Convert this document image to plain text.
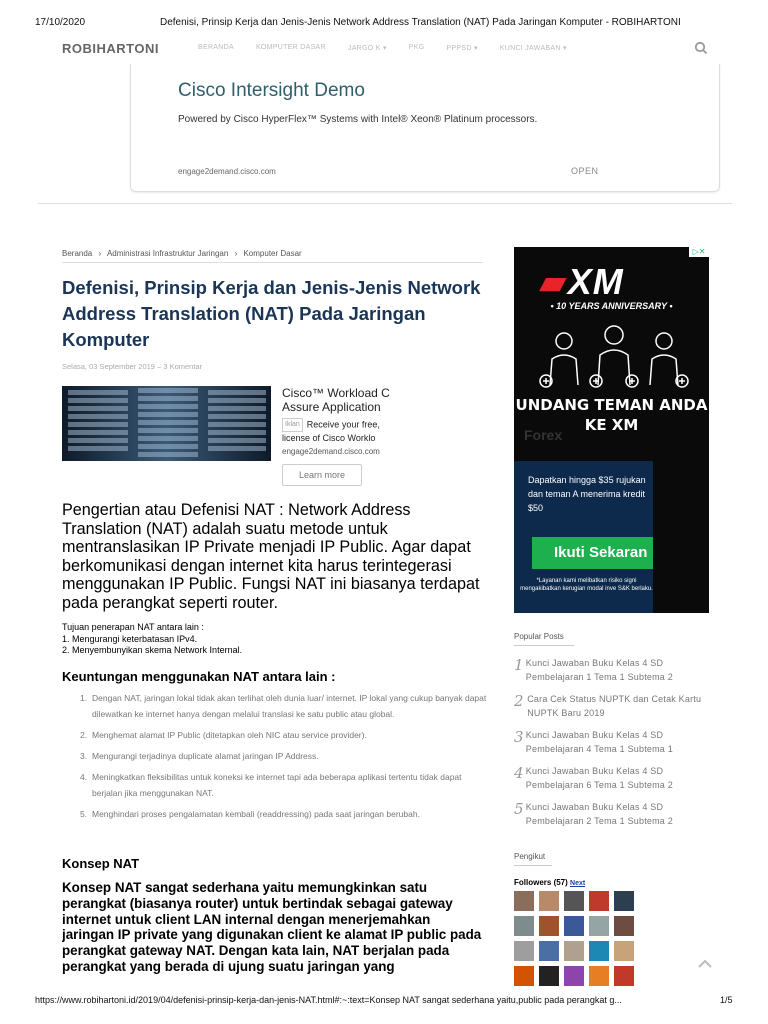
17/10/2020	Defenisi, Prinsip Kerja dan Jenis-Jenis Network Address Translation (NAT) Pada Jaringan Komputer - ROBIHARTONI
ROBIHARTONI	BERANDA	KOMPUTER DASAR	JARGO K ▾	PKG	PPPSD ▾	KUNCI JAWABAN ▾
Cisco Intersight Demo
Powered by Cisco HyperFlex™ Systems with Intel® Xeon® Platinum processors.
engage2demand.cisco.com	OPEN
Beranda › Administrasi Infrastruktur Jaringan › Komputer Dasar
Defenisi, Prinsip Kerja dan Jenis-Jenis Network Address Translation (NAT) Pada Jaringan Komputer
Selasa, 03 September 2019 – 3 Komentar
Cisco™ Workload C Assure Application
Iklan Receive your free, license of Cisco Worklo
engage2demand.cisco.com
Learn more

Pengertian atau Defenisi NAT : Network Address Translation (NAT) adalah suatu metode untuk mentranslasikan IP Private menjadi IP Public. Agar dapat berkomunikasi dengan internet kita harus terintegerasi menggunakan IP Public. Fungsi NAT ini biasanya terdapat pada perangkat seperti router.

Tujuan penerapan NAT antara lain :
1. Mengurangi keterbatasan IPv4.
2. Menyembunyikan skema Network Internal.
Keuntungan menggunakan NAT antara lain :
1. Dengan NAT, jaringan lokal tidak akan terlihat oleh dunia luar/ internet. IP lokal yang cukup banyak dapat dilewatkan ke internet hanya dengan melalui translasi ke satu public atau global.
2. Menghemat alamat IP Public (ditetapkan oleh NIC atau service provider).
3. Mengurangi terjadinya duplicate alamat jaringan IP Address.
4. Meningkatkan fleksibilitas untuk koneksi ke internet tapi ada beberapa aplikasi tertentu tidak dapat berjalan jika menggunakan NAT.
5. Menghindari proses pengalamatan kembali (readdressing) pada saat jaringan berubah.
Konsep NAT

Konsep NAT sangat sederhana yaitu memungkinkan satu perangkat (biasanya router) untuk bertindak sebagai gateway internet untuk client LAN internal dengan menerjemahkan jaringan IP private yang digunakan client ke alamat IP public pada perangkat gateway NAT. Dengan kata lain, NAT berjalan pada perangkat yang berada di ujung suatu jaringan yang

▷✕
▰XM
• 10 YEARS ANNIVERSARY •
Forex
UNDANG TEMAN ANDA
KE XM
Dapatkan hingga $35 rujukan dan teman A menerima kredit $50
Ikuti Sekaran
*Layanan kami melibatkan risiko signi mengakibatkan kerugian modal inve S&K berlaku.
Popular Posts
1 Kunci Jawaban Buku Kelas 4 SD Pembelajaran 1 Tema 1 Subtema 2
2 Cara Cek Status NUPTK dan Cetak Kartu NUPTK Baru 2019
3 Kunci Jawaban Buku Kelas 4 SD Pembelajaran 4 Tema 1 Subtema 1
4 Kunci Jawaban Buku Kelas 4 SD Pembelajaran 6 Tema 1 Subtema 2
5 Kunci Jawaban Buku Kelas 4 SD Pembelajaran 2 Tema 1 Subtema 2
Pengikut
Followers (57) Next
https://www.robihartoni.id/2019/04/defenisi-prinsip-kerja-dan-jenis-NAT.html#:~:text=Konsep NAT sangat sederhana yaitu,public pada perangkat g...	1/5
